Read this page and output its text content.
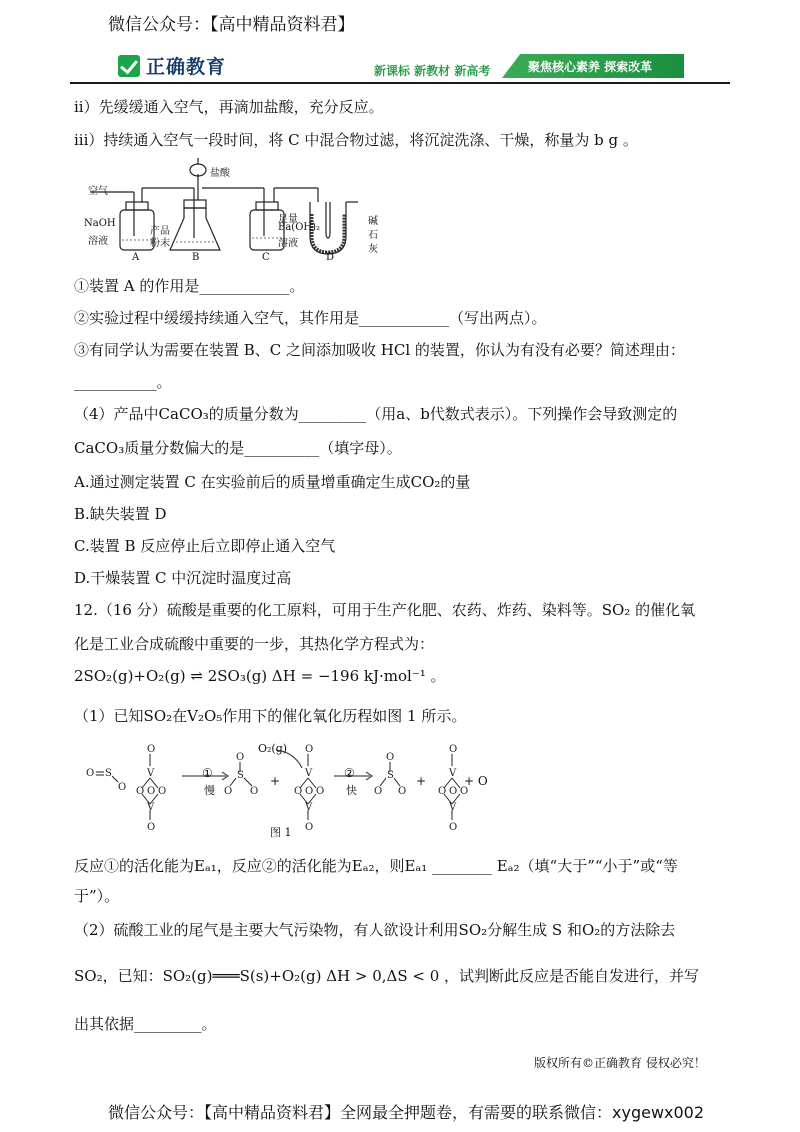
微信公众号：【高中精品资料君】
正确教育	新课标 新教材 新高考	聚焦核心素养 探索改革
ii）先缓缓通入空气，再滴加盐酸，充分反应。
iii）持续通入空气一段时间，将 C 中混合物过滤，将沉淀洗涤、干燥，称量为 b g 。
空气
盐酸
NaOH
溶液
产品
粉末
足量
Ba(OH)₂
溶液
碱
石
灰
A	B	C	D
①装置 A 的作用是____________。
②实验过程中缓缓持续通入空气，其作用是____________（写出两点）。
③有同学认为需要在装置 B、C 之间添加吸收 HCl 的装置，你认为有没有必要？简述理由：
___________。
（4）产品中CaCO₃的质量分数为_________（用a、b代数式表示）。下列操作会导致测定的
CaCO₃质量分数偏大的是__________（填字母）。
A.通过测定装置 C 在实验前后的质量增重确定生成CO₂的量
B.缺失装置 D
C.装置 B 反应停止后立即停止通入空气
D.干燥装置 C 中沉淀时温度过高
12.（16 分）硫酸是重要的化工原料，可用于生产化肥、农药、炸药、染料等。SO₂ 的催化氧
化是工业合成硫酸中重要的一步，其热化学方程式为：
2SO₂(g)+O₂(g) ⇌ 2SO₃(g) ΔH = −196 kJ·mol⁻¹ 。
（1）已知SO₂在V₂O₅作用下的催化氧化历程如图 1 所示。
O S
O
O
V
O O O
V
O
O
S
O O
O
V
O O O
V
O
O
S
O O
O
V
O O O
V
O
O₂(g)
①
慢
+
②
快
+	+ O
图 1
反应①的活化能为Eₐ₁，反应②的活化能为Eₐ₂，则Eₐ₁ ________ Eₐ₂（填“大于”“小于”或“等
于”）。
（2）硫酸工业的尾气是主要大气污染物，有人欲设计利用SO₂分解生成 S 和O₂的方法除去
SO₂，已知：SO₂(g)═══S(s)+O₂(g) ΔH > 0,ΔS < 0 ，试判断此反应是否能自发进行，并写
出其依据_________。
版权所有©正确教育 侵权必究！
微信公众号：【高中精品资料君】全网最全押题卷，有需要的联系微信：xygewx002
